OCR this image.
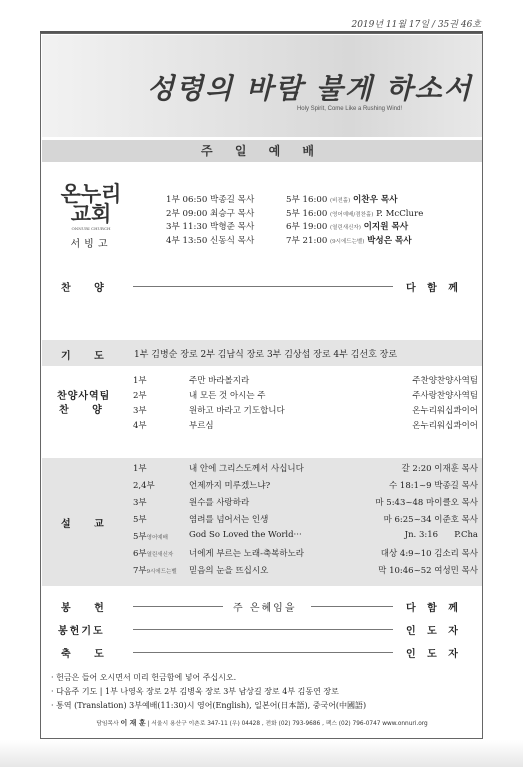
2019년 11월 17일 / 35권 46호
성령의 바람 불게 하소서
Holy Spirit, Come Like a Rushing Wind!
주 일 예 배
온누리
교회
ONNURI CHURCH
서빙고
1부 06:50 박종길 목사
2부 09:00 최승구 목사
3부 11:30 박형준 목사
4부 13:50 신동식 목사
5부 16:00 (비전홀) 이찬우 목사
5부 16:00 (영어예배/겸찬홀) P. McClure
6부 19:00 (열린새신자) 이지원 목사
7부 21:00 (9시에드는벨) 박성은 목사
찬 양	다 함 께
기 도 1부 김병순 장로 2부 김남식 장로 3부 김상섭 장로 4부 김선호 장로
찬양사역팀
찬 양
1부	주만 바라볼지라	주찬양찬양사역팀
2부	내 모든 것 아시는 주	주사랑찬양사역팀
3부	원하고 바라고 기도합니다	온누리워십콰이어
4부	부르심	온누리워십콰이어
설 교
1부	내 안에 그리스도께서 사십니다	갈 2:20 이재훈 목사
2,4부	언제까지 미루겠느냐?	수 18:1~9 박종길 목사
3부	원수를 사랑하라	마 5:43~48 마이클오 목사
5부	염려를 넘어서는 인생	마 6:25~34 이준호 목사
5부영어예배 God So Loved the World···	Jn. 3:16 P.Cha
6부열린새신자 너에게 부르는 노래-축복하노라	대상 4:9~10 김소리 목사
7부9시에드는벨 믿음의 눈을 뜨십시오	막 10:46~52 여성민 목사
봉 헌	주 은혜임을	다 함 께
봉헌기도	인 도 자
축 도	인 도 자
· 헌금은 들어 오시면서 미리 헌금함에 넣어 주십시오.
· 다음주 기도 | 1부 나영옥 장로 2부 김병욱 장로 3부 남상길 장로 4부 김동연 장로
· 통역 (Translation) 3부예배(11:30)시 영어(English), 일본어(日本語), 중국어(中國語)
담임목사 이 재 훈 | 서울시 용산구 이촌로 347-11 (우) 04428 , 전화 (02) 793-9686 , 팩스 (02) 796-0747 www.onnuri.org
